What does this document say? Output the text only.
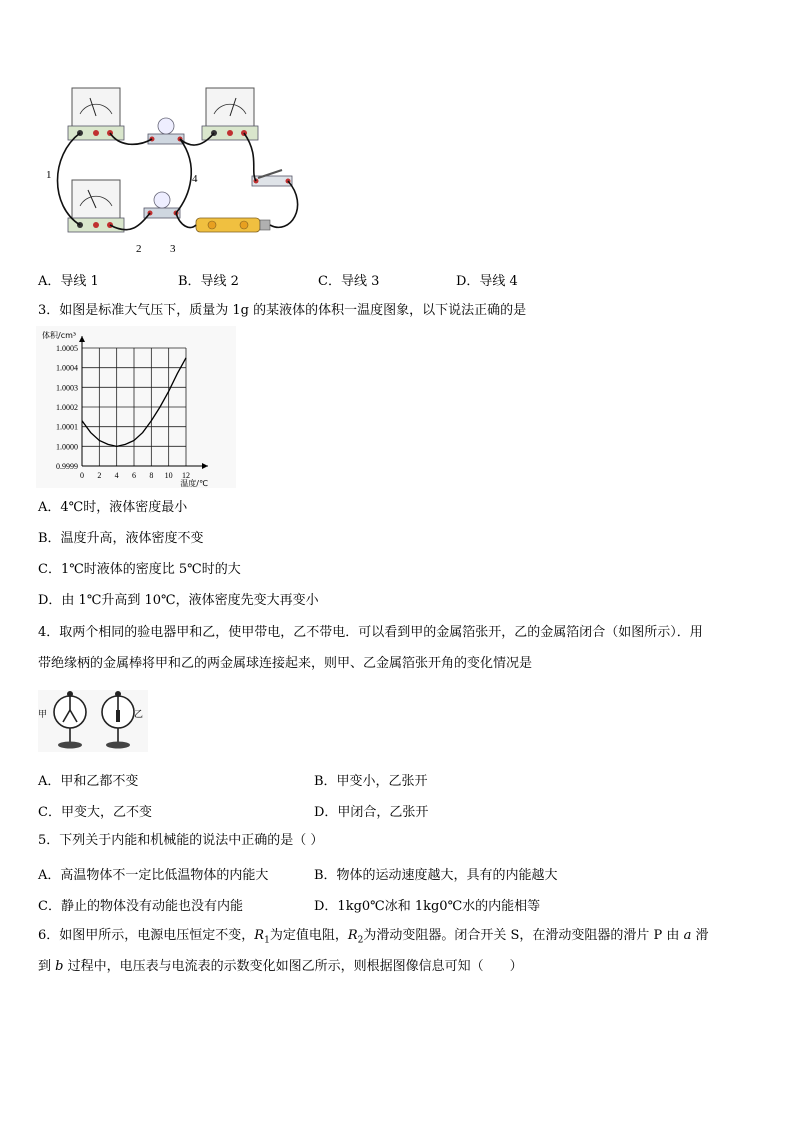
1
2	3
4
A．导线 1	B．导线 2	C．导线 3	D．导线 4
3．如图是标准大气压下，质量为 1g 的某液体的体积一温度图象，以下说法正确的是
0 2 4 6 8 10 12
0.9999
1.0000
1.0001
1.0002
1.0003
1.0004
1.0005
体积/cm³
温度/℃
A．4℃时，液体密度最小
B．温度升高，液体密度不变
C．1℃时液体的密度比 5℃时的大
D．由 1℃升高到 10℃，液体密度先变大再变小
4．取两个相同的验电器甲和乙，使甲带电，乙不带电．可以看到甲的金属箔张开，乙的金属箔闭合（如图所示）．用
带绝缘柄的金属棒将甲和乙的两金属球连接起来，则甲、乙金属箔张开角的变化情况是
甲	乙
A．甲和乙都不变	B．甲变小，乙张开
C．甲变大，乙不变	D．甲闭合，乙张开
5．下列关于内能和机械能的说法中正确的是（ ）
A．高温物体不一定比低温物体的内能大	B．物体的运动速度越大，具有的内能越大
C．静止的物体没有动能也没有内能	D．1kg0℃冰和 1kg0℃水的内能相等
6．如图甲所示，电源电压恒定不变，$R_1$为定值电阻，$R_2$为滑动变阻器。闭合开关 S，在滑动变阻器的滑片 P 由 a 滑
到 b 过程中，电压表与电流表的示数变化如图乙所示，则根据图像信息可知（　　）
